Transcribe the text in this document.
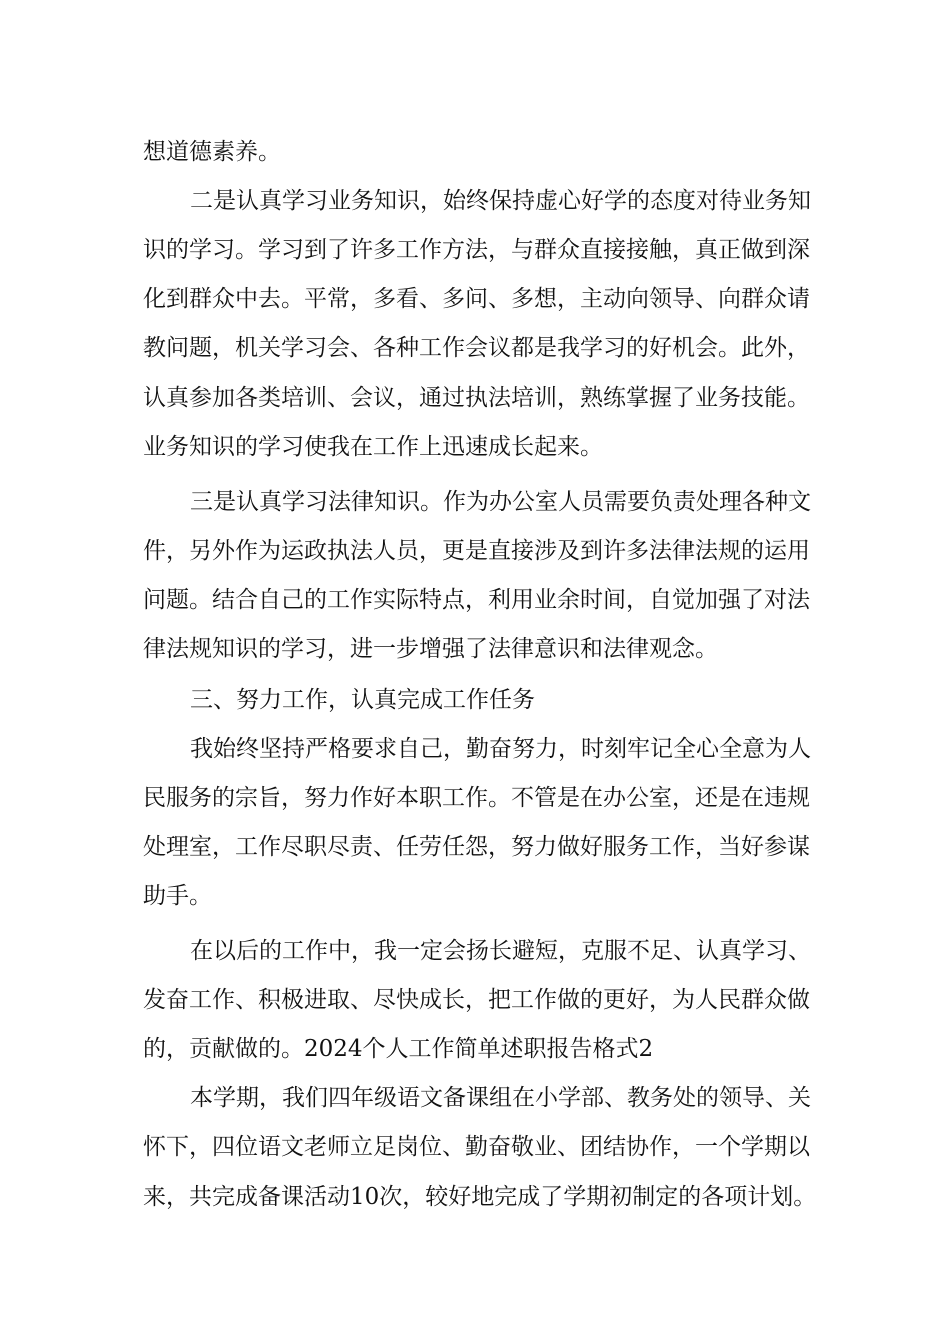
想道德素养。
二是认真学习业务知识，始终保持虚心好学的态度对待业务知
识的学习。学习到了许多工作方法，与群众直接接触，真正做到深
化到群众中去。平常，多看、多问、多想，主动向领导、向群众请
教问题，机关学习会、各种工作会议都是我学习的好机会。此外，
认真参加各类培训、会议，通过执法培训，熟练掌握了业务技能。
业务知识的学习使我在工作上迅速成长起来。
三是认真学习法律知识。作为办公室人员需要负责处理各种文
件，另外作为运政执法人员，更是直接涉及到许多法律法规的运用
问题。结合自己的工作实际特点，利用业余时间，自觉加强了对法
律法规知识的学习，进一步增强了法律意识和法律观念。
三、努力工作，认真完成工作任务
我始终坚持严格要求自己，勤奋努力，时刻牢记全心全意为人
民服务的宗旨，努力作好本职工作。不管是在办公室，还是在违规
处理室，工作尽职尽责、任劳任怨，努力做好服务工作，当好参谋
助手。
在以后的工作中，我一定会扬长避短，克服不足、认真学习、
发奋工作、积极进取、尽快成长，把工作做的更好，为人民群众做
的，贡献做的。2024个人工作简单述职报告格式2
本学期，我们四年级语文备课组在小学部、教务处的领导、关
怀下，四位语文老师立足岗位、勤奋敬业、团结协作，一个学期以
来，共完成备课活动10次，较好地完成了学期初制定的各项计划。
